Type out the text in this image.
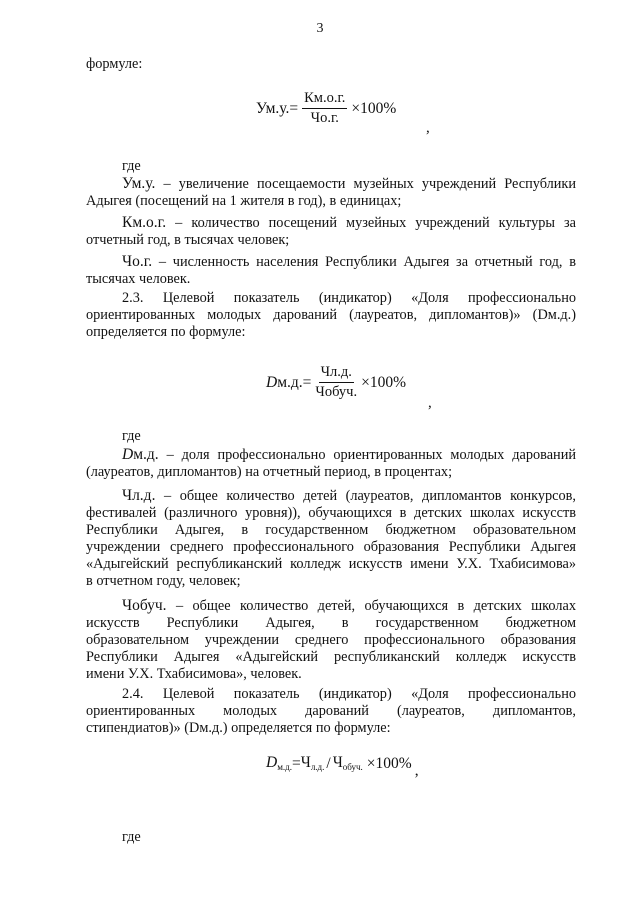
3
формуле:
Ум.у. = $\frac{Км.о.г.}{Чо.г.} \times 100\%$
,
где
Ум.у. – увеличение посещаемости музейных учреждений Республики
Адыгея (посещений на 1 жителя в год), в единицах;
Км.о.г. – количество посещений музейных учреждений культуры за
отчетный год, в тысячах человек;
Чо.г. – численность населения Республики Адыгея за отчетный год, в
тысячах человек.
2.3. Целевой показатель (индикатор) «Доля профессионально
ориентированных молодых дарований (лауреатов, дипломантов)» (Dм.д.)
определяется по формуле:
Dм.д. = $\frac{Чл.д.}{\text{Чобуч.}} \times 100\%$
,
где
Dм.д. – доля профессионально ориентированных молодых дарований
(лауреатов, дипломантов) на отчетный период, в процентах;
Чл.д. – общее количество детей (лауреатов, дипломантов конкурсов,
фестивалей (различного уровня)), обучающихся в детских школах искусств
Республики Адыгея, в государственном бюджетном образовательном
учреждении среднего профессионального образования Республики Адыгея
«Адыгейский республиканский колледж искусств имени У.Х. Тхабисимова»
в отчетном году, человек;
Чобуч. – общее количество детей, обучающихся в детских школах
искусств Республики Адыгея, в государственном бюджетном
образовательном учреждении среднего профессионального образования
Республики Адыгея «Адыгейский республиканский колледж искусств
имени У.Х. Тхабисимова», человек.
2.4. Целевой показатель (индикатор) «Доля профессионально
ориентированных молодых дарований (лауреатов, дипломантов,
стипендиатов)» (Dм.д.) определяется по формуле:
Dм.д. = Чл.д. / Чобуч. ×100% ,
где
